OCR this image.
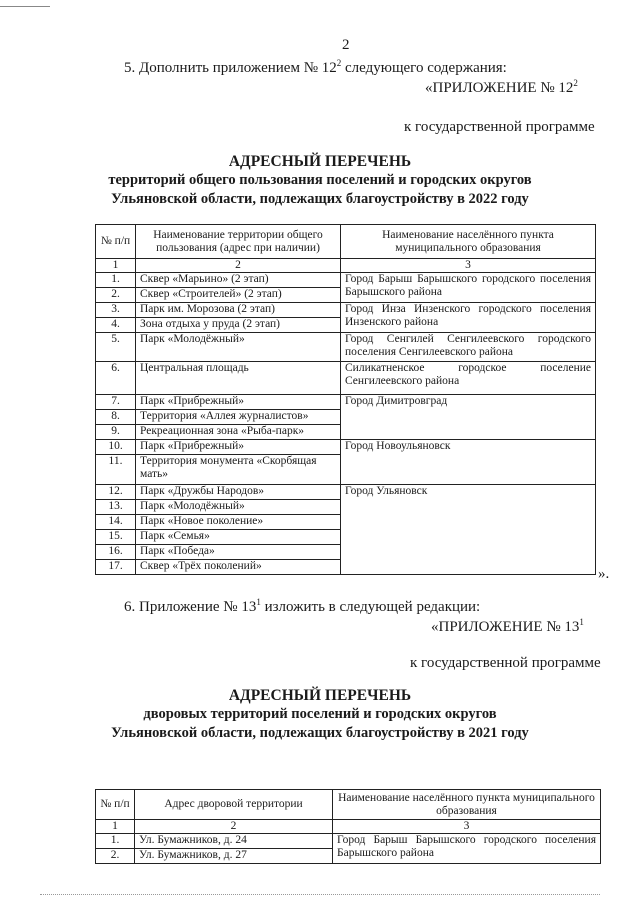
2
5. Дополнить приложением № $12^2$ следующего содержания:
«ПРИЛОЖЕНИЕ № $12^2$
к государственной программе
АДРЕСНЫЙ ПЕРЕЧЕНЬ
территорий общего пользования поселений и городских округов
Ульяновской области, подлежащих благоустройству в 2022 году
№ п/п	Наименование территории общего пользования (адрес при наличии)	Наименование населённого пункта муниципального образования
1	2	3
1.	Сквер «Марьино» (2 этап)	Город Барыш Барышского городского поселения Барышского района
2.	Сквер «Строителей» (2 этап)	
3.	Парк им. Морозова (2 этап)	Город Инза Инзенского городского поселения Инзенского района
4.	Зона отдыха у пруда (2 этап)	
5.	Парк «Молодёжный»	Город Сенгилей Сенгилеевского городского поселения Сенгилеевского района
6.	Центральная площадь	Силикатненское городское поселение Сенгилеевского района
7.	Парк «Прибрежный»	Город Димитровград
8.	Территория «Аллея журналистов»	
9.	Рекреационная зона «Рыба-парк»	
10.	Парк «Прибрежный»	Город Новоульяновск
11.	Территория монумента «Скорбящая мать»	
12.	Парк «Дружбы Народов»	Город Ульяновск
13.	Парк «Молодёжный»	
14.	Парк «Новое поколение»	
15.	Парк «Семья»	
16.	Парк «Победа»	
17.	Сквер «Трёх поколений»		».
6. Приложение № $13^1$ изложить в следующей редакции:
«ПРИЛОЖЕНИЕ № $13^1$
к государственной программе
АДРЕСНЫЙ ПЕРЕЧЕНЬ
дворовых территорий поселений и городских округов
Ульяновской области, подлежащих благоустройству в 2021 году
№ п/п	Адрес дворовой территории	Наименование населённого пункта муниципального образования
1	2	3
1.	Ул. Бумажников, д. 24	Город Барыш Барышского городского поселения Барышского района
2.	Ул. Бумажников, д. 27	
